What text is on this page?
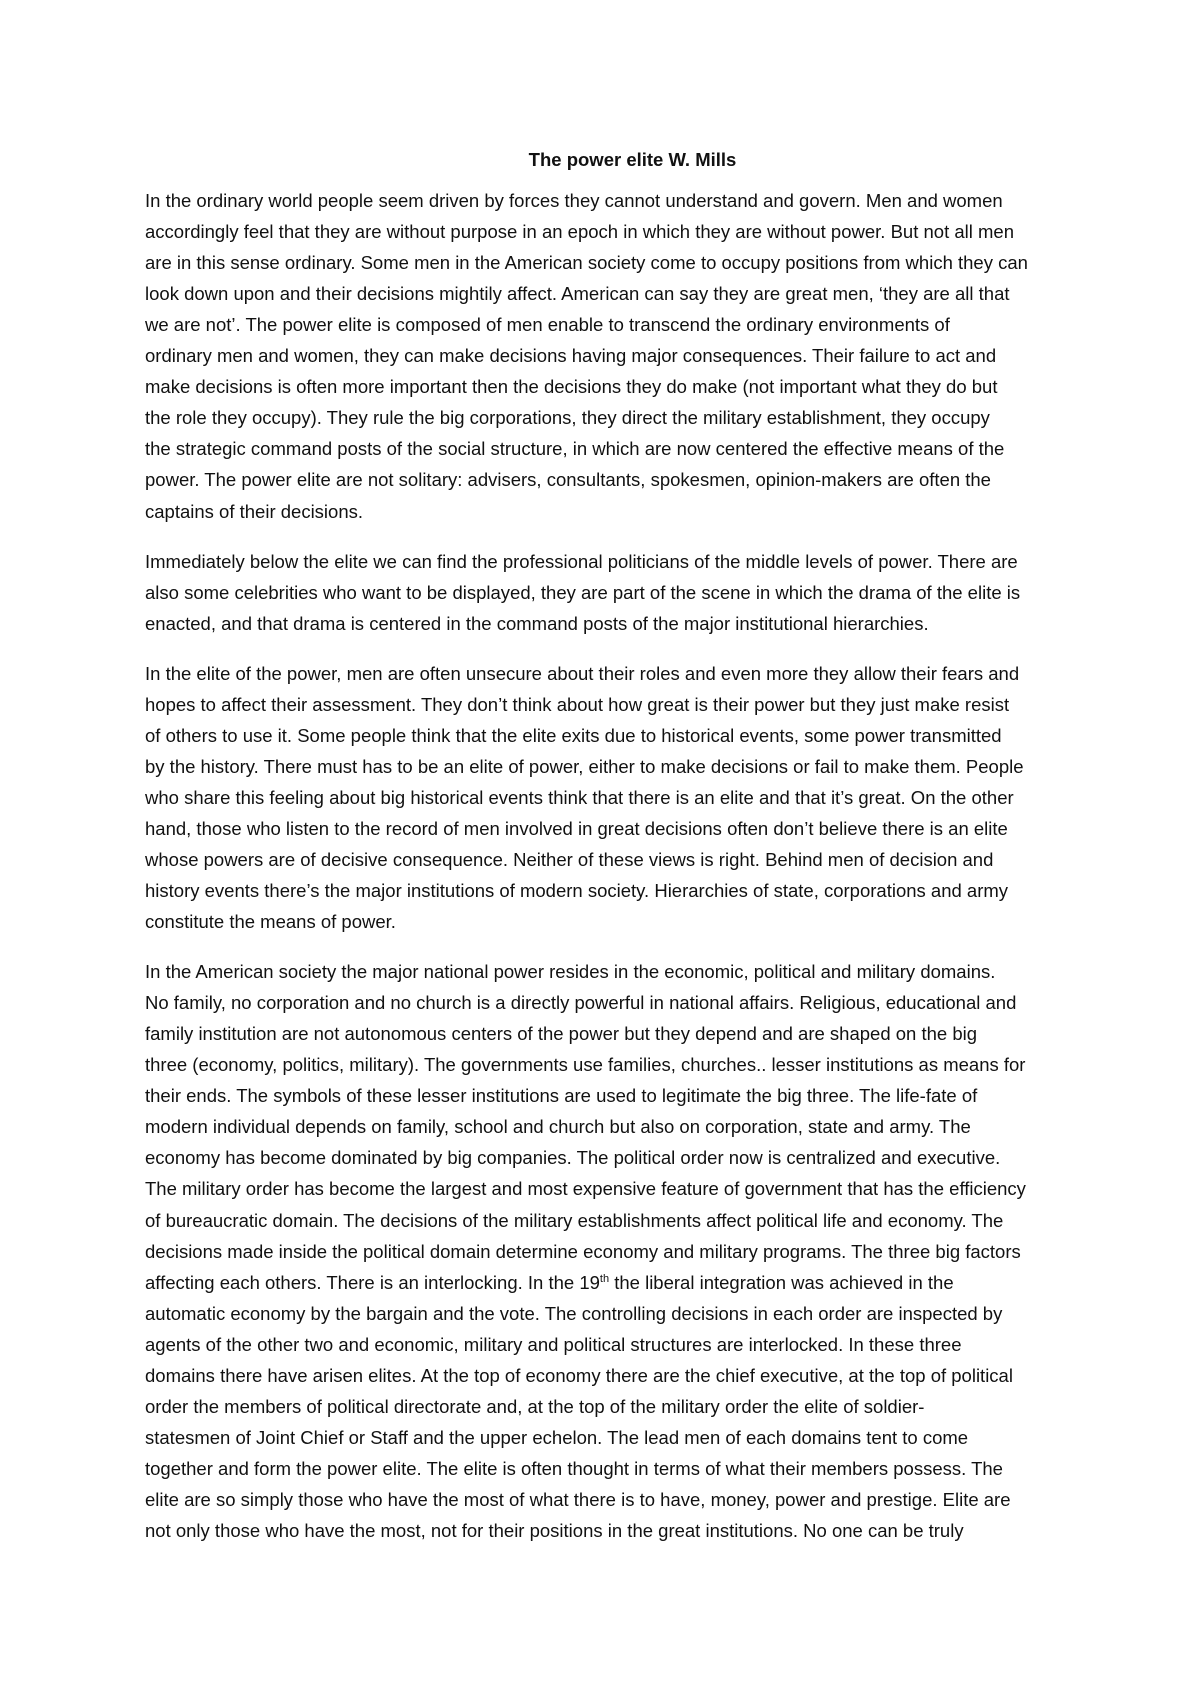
The power elite W. Mills
In the ordinary world people seem driven by forces they cannot understand and govern. Men and women
accordingly feel that they are without purpose in an epoch in which they are without power. But not all men
are in this sense ordinary. Some men in the American society come to occupy positions from which they can
look down upon and their decisions mightily affect. American can say they are great men, ‘they are all that
we are not’. The power elite is composed of men enable to transcend the ordinary environments of
ordinary men and women, they can make decisions having major consequences. Their failure to act and
make decisions is often more important then the decisions they do make (not important what they do but
the role they occupy). They rule the big corporations, they direct the military establishment, they occupy
the strategic command posts of the social structure, in which are now centered the effective means of the
power. The power elite are not solitary: advisers, consultants, spokesmen, opinion-makers are often the
captains of their decisions.
Immediately below the elite we can find the professional politicians of the middle levels of power. There are
also some celebrities who want to be displayed, they are part of the scene in which the drama of the elite is
enacted, and that drama is centered in the command posts of the major institutional hierarchies.
In the elite of the power, men are often unsecure about their roles and even more they allow their fears and
hopes to affect their assessment. They don’t think about how great is their power but they just make resist
of others to use it. Some people think that the elite exits due to historical events, some power transmitted
by the history. There must has to be an elite of power, either to make decisions or fail to make them. People
who share this feeling about big historical events think that there is an elite and that it’s great. On the other
hand, those who listen to the record of men involved in great decisions often don’t believe there is an elite
whose powers are of decisive consequence. Neither of these views is right. Behind men of decision and
history events there’s the major institutions of modern society. Hierarchies of state, corporations and army
constitute the means of power.
In the American society the major national power resides in the economic, political and military domains.
No family, no corporation and no church is a directly powerful in national affairs. Religious, educational and
family institution are not autonomous centers of the power but they depend and are shaped on the big
three (economy, politics, military). The governments use families, churches.. lesser institutions as means for
their ends. The symbols of these lesser institutions are used to legitimate the big three. The life-fate of
modern individual depends on family, school and church but also on corporation, state and army. The
economy has become dominated by big companies. The political order now is centralized and executive.
The military order has become the largest and most expensive feature of government that has the efficiency
of bureaucratic domain. The decisions of the military establishments affect political life and economy. The
decisions made inside the political domain determine economy and military programs. The three big factors
affecting each others. There is an interlocking. In the 19th the liberal integration was achieved in the
automatic economy by the bargain and the vote. The controlling decisions in each order are inspected by
agents of the other two and economic, military and political structures are interlocked. In these three
domains there have arisen elites. At the top of economy there are the chief executive, at the top of political
order the members of political directorate and, at the top of the military order the elite of soldier-
statesmen of Joint Chief or Staff and the upper echelon. The lead men of each domains tent to come
together and form the power elite. The elite is often thought in terms of what their members possess. The
elite are so simply those who have the most of what there is to have, money, power and prestige. Elite are
not only those who have the most, not for their positions in the great institutions. No one can be truly
